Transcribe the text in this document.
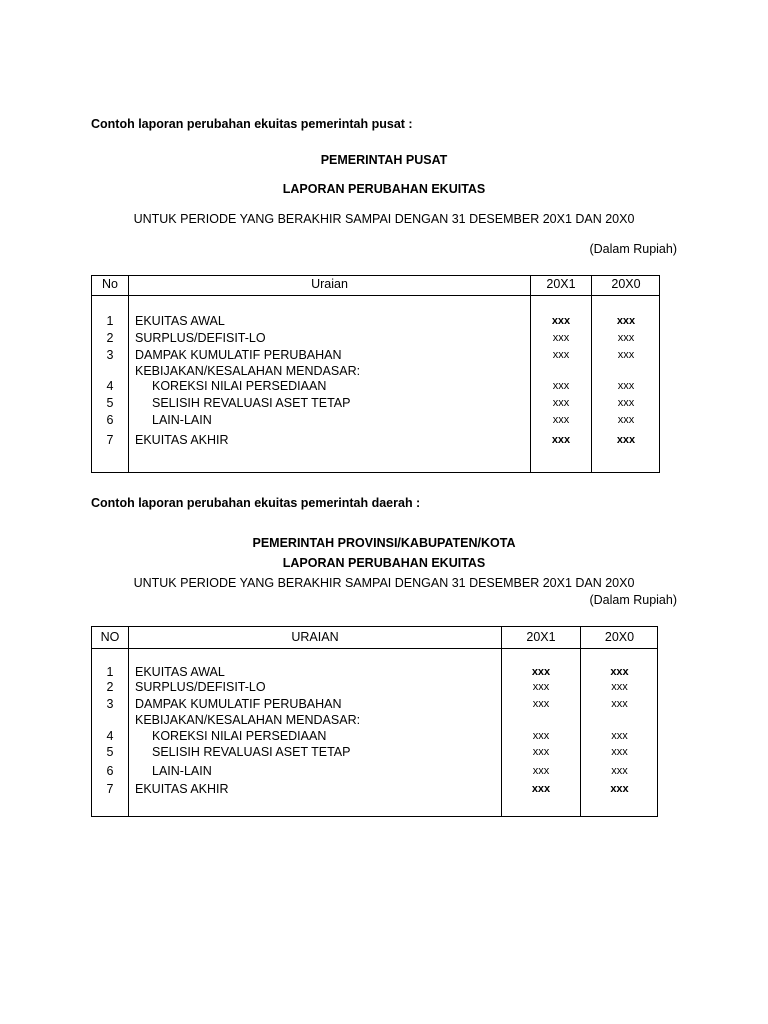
Contoh laporan perubahan ekuitas pemerintah pusat :
PEMERINTAH PUSAT
LAPORAN PERUBAHAN EKUITAS
UNTUK PERIODE YANG BERAKHIR SAMPAI DENGAN 31 DESEMBER 20X1 DAN 20X0
(Dalam Rupiah)
No	Uraian	20X1	20X0
1	EKUITAS AWAL	xxx	xxx
2	SURPLUS/DEFISIT-LO	xxx	xxx
3	DAMPAK KUMULATIF PERUBAHAN	xxx	xxx
KEBIJAKAN/KESALAHAN MENDASAR:
4	KOREKSI NILAI PERSEDIAAN	xxx	xxx
5	SELISIH REVALUASI ASET TETAP	xxx	xxx
6	LAIN-LAIN	xxx	xxx
7	EKUITAS AKHIR	xxx	xxx
Contoh laporan perubahan ekuitas pemerintah daerah :
PEMERINTAH PROVINSI/KABUPATEN/KOTA
LAPORAN PERUBAHAN EKUITAS
UNTUK PERIODE YANG BERAKHIR SAMPAI DENGAN 31 DESEMBER 20X1 DAN 20X0
(Dalam Rupiah)
NO	URAIAN	20X1	20X0
1	EKUITAS AWAL	xxx	xxx
2	SURPLUS/DEFISIT-LO	xxx	xxx
3	DAMPAK KUMULATIF PERUBAHAN	xxx	xxx
KEBIJAKAN/KESALAHAN MENDASAR:
4	KOREKSI NILAI PERSEDIAAN	xxx	xxx
5	SELISIH REVALUASI ASET TETAP	xxx	xxx
6	LAIN-LAIN	xxx	xxx
7	EKUITAS AKHIR	xxx	xxx
